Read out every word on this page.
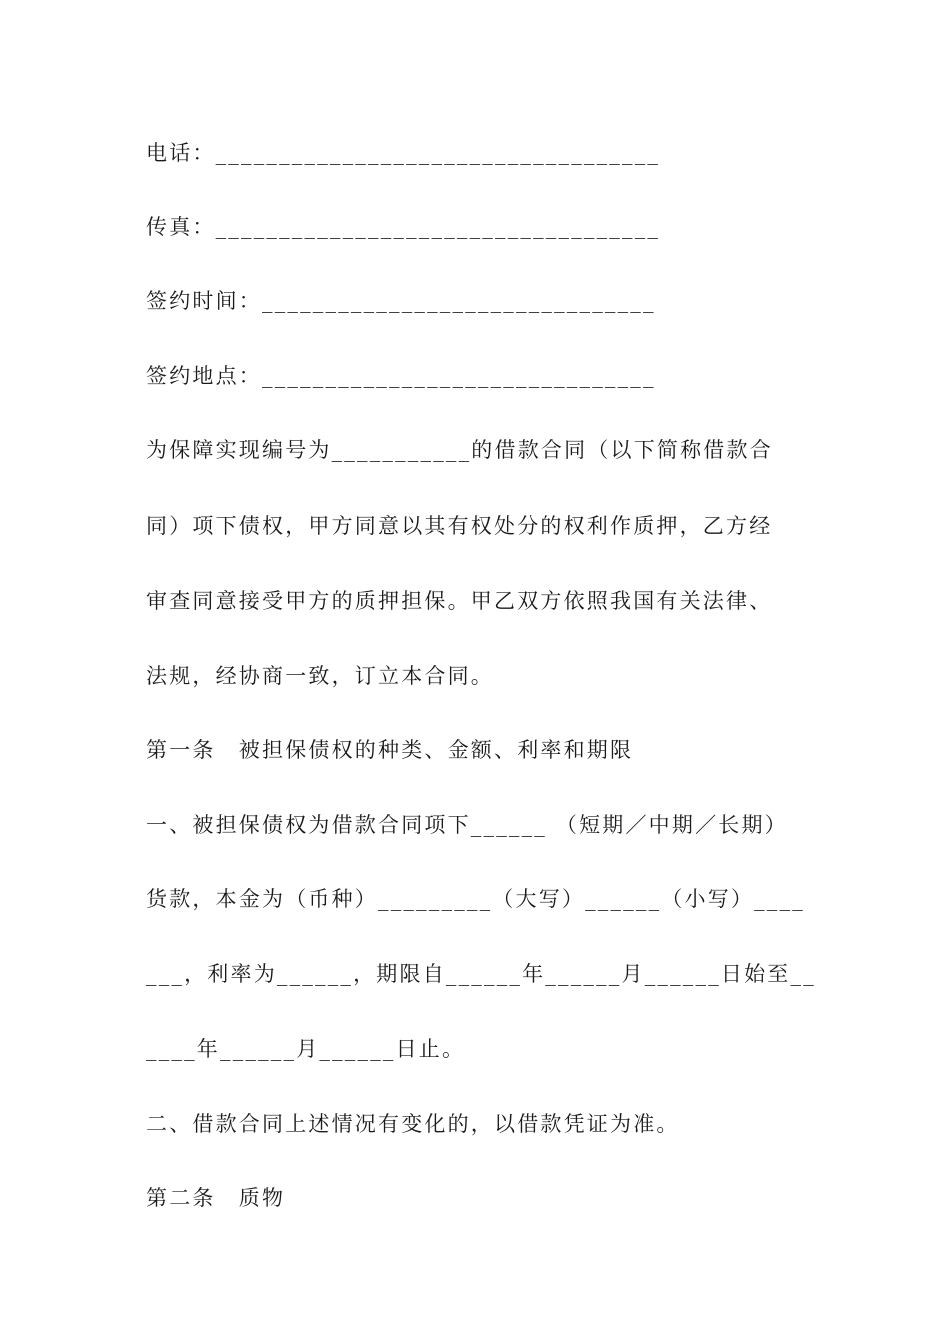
电话：___________________________________
传真：___________________________________
签约时间：_______________________________
签约地点：_______________________________
为保障实现编号为___________的借款合同（以下简称借款合
同）项下债权，甲方同意以其有权处分的权利作质押，乙方经
审查同意接受甲方的质押担保。甲乙双方依照我国有关法律、
法规，经协商一致，订立本合同。
第一条　被担保债权的种类、金额、利率和期限
一、被担保债权为借款合同项下______ （短期／中期／长期）
货款，本金为（币种）_________（大写）______（小写）____
___，利率为______，期限自______年______月______日始至__
____年______月______日止。
二、借款合同上述情况有变化的，以借款凭证为准。
第二条　质物
